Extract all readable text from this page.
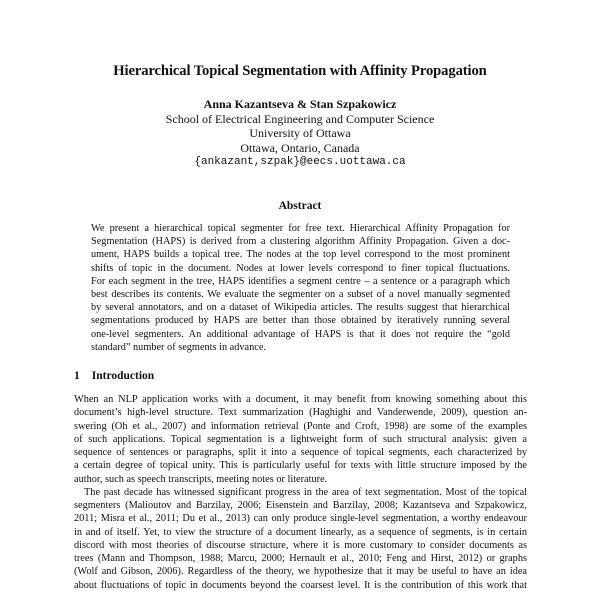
Hierarchical Topical Segmentation with Affinity Propagation
Anna Kazantseva & Stan Szpakowicz
School of Electrical Engineering and Computer Science
University of Ottawa
Ottawa, Ontario, Canada
{ankazant,szpak}@eecs.uottawa.ca
Abstract
We present a hierarchical topical segmenter for free text. Hierarchical Affinity Propagation for
Segmentation (HAPS) is derived from a clustering algorithm Affinity Propagation. Given a doc-
ument, HAPS builds a topical tree. The nodes at the top level correspond to the most prominent
shifts of topic in the document. Nodes at lower levels correspond to finer topical fluctuations.
For each segment in the tree, HAPS identifies a segment centre – a sentence or a paragraph which
best describes its contents. We evaluate the segmenter on a subset of a novel manually segmented
by several annotators, and on a dataset of Wikipedia articles. The results suggest that hierarchical
segmentations produced by HAPS are better than those obtained by iteratively running several
one-level segmenters. An additional advantage of HAPS is that it does not require the “gold
standard” number of segments in advance.
1 Introduction
When an NLP application works with a document, it may benefit from knowing something about this
document’s high-level structure. Text summarization (Haghighi and Vanderwende, 2009), question an-
swering (Oh et al., 2007) and information retrieval (Ponte and Croft, 1998) are some of the examples
of such applications. Topical segmentation is a lightweight form of such structural analysis: given a
sequence of sentences or paragraphs, split it into a sequence of topical segments, each characterized by
a certain degree of topical unity. This is particularly useful for texts with little structure imposed by the
author, such as speech transcripts, meeting notes or literature.
The past decade has witnessed significant progress in the area of text segmentation. Most of the topical
segmenters (Malioutov and Barzilay, 2006; Eisenstein and Barzilay, 2008; Kazantseva and Szpakowicz,
2011; Misra et al., 2011; Du et al., 2013) can only produce single-level segmentation, a worthy endeavour
in and of itself. Yet, to view the structure of a document linearly, as a sequence of segments, is in certain
discord with most theories of discourse structure, where it is more customary to consider documents as
trees (Mann and Thompson, 1988; Marcu, 2000; Hernault et al., 2010; Feng and Hirst, 2012) or graphs
(Wolf and Gibson, 2006). Regardless of the theory, we hypothesize that it may be useful to have an idea
about fluctuations of topic in documents beyond the coarsest level. It is the contribution of this work that
